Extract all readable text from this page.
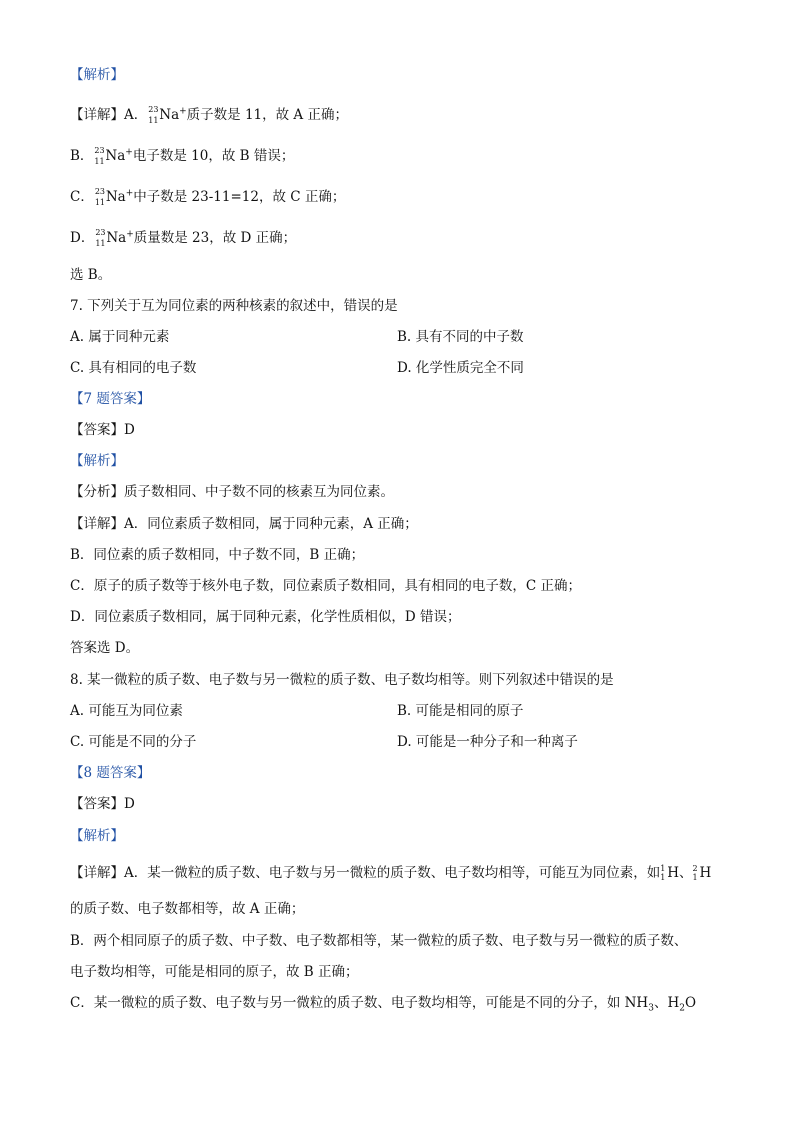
【解析】
【详解】A． 23
11 Na+质子数是 11，故 A 正确；
B． 23
11 Na+电子数是 10，故 B 错误；
C． 23
11 Na+中子数是 23-11=12，故 C 正确；
D． 23
11 Na+质量数是 23，故 D 正确；
选 B。
7. 下列关于互为同位素的两种核素的叙述中，错误的是
A. 属于同种元素	B. 具有不同的中子数
C. 具有相同的电子数	D. 化学性质完全不同
【7 题答案】
【答案】D
【解析】
【分析】质子数相同、中子数不同的核素互为同位素。
【详解】A．同位素质子数相同，属于同种元素，A 正确；
B．同位素的质子数相同，中子数不同，B 正确；
C．原子的质子数等于核外电子数，同位素质子数相同，具有相同的电子数，C 正确；
D．同位素质子数相同，属于同种元素，化学性质相似，D 错误；
答案选 D。
8. 某一微粒的质子数、电子数与另一微粒的质子数、电子数均相等。则下列叙述中错误的是
A. 可能互为同位素	B. 可能是相同的原子
C. 可能是不同的分子	D. 可能是一种分子和一种离子
【8 题答案】
【答案】D
【解析】
【详解】A．某一微粒的质子数、电子数与另一微粒的质子数、电子数均相等，可能互为同位素，如 1
1 H、 2
1 H
的质子数、电子数都相等，故 A 正确；
B．两个相同原子的质子数、中子数、电子数都相等，某一微粒的质子数、电子数与另一微粒的质子数、
电子数均相等，可能是相同的原子，故 B 正确；
C．某一微粒的质子数、电子数与另一微粒的质子数、电子数均相等，可能是不同的分子，如 $NH_3$、$H_2O$
